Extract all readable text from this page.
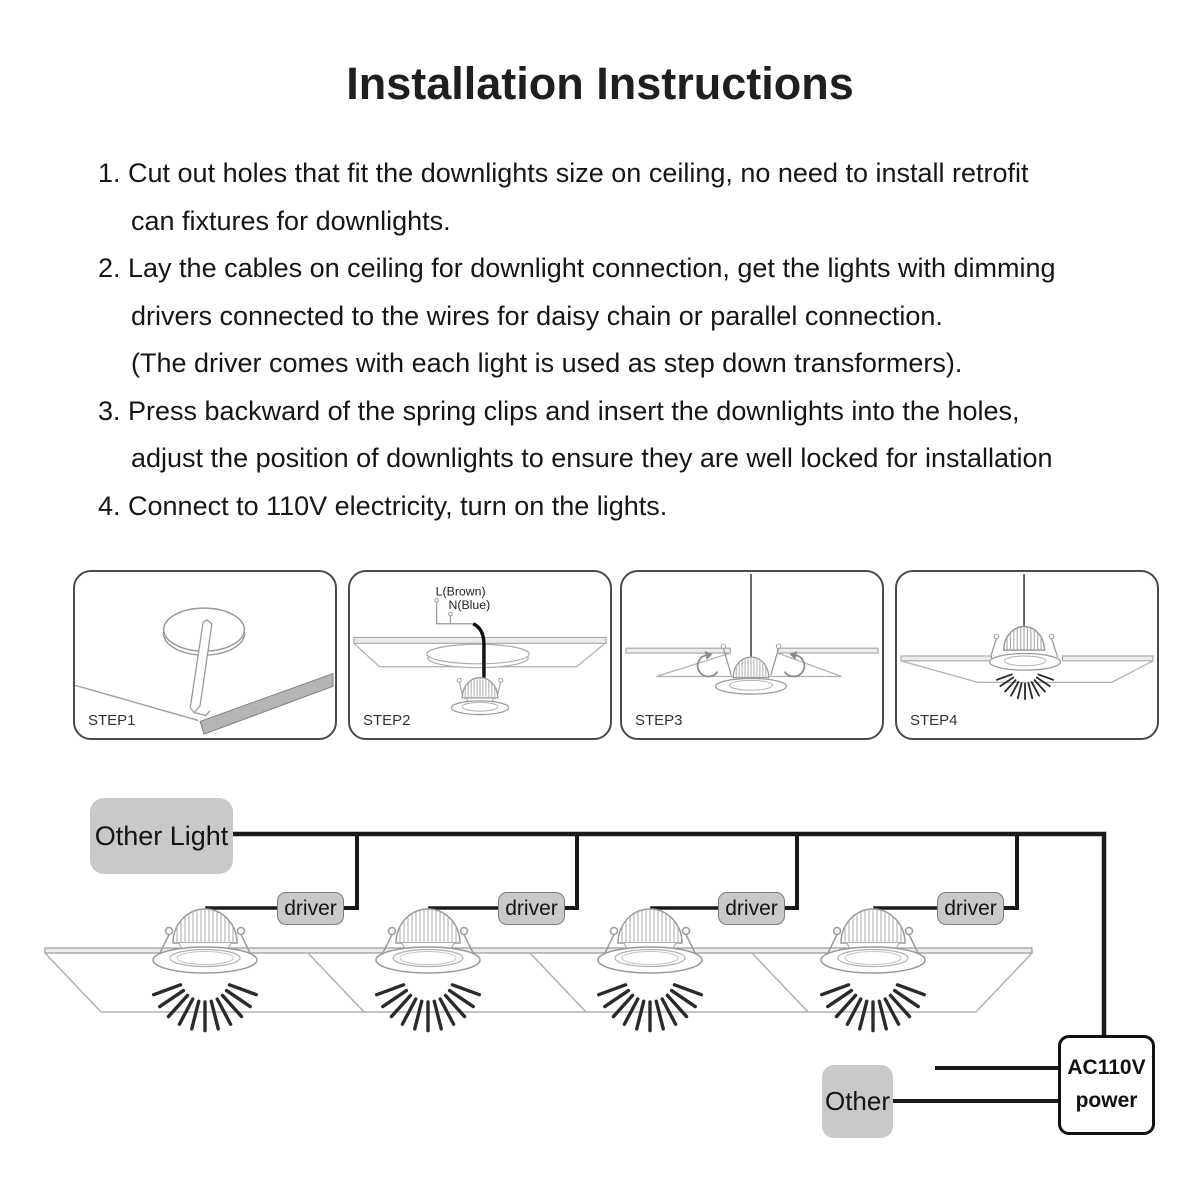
Installation Instructions
1. Cut out holes that fit the downlights size on ceiling, no need to install retrofit
can fixtures for downlights.
2. Lay the cables on ceiling for downlight connection, get the lights with dimming
drivers connected to the wires for daisy chain or parallel connection.
(The driver comes with each light is used as step down transformers).
3. Press backward of the spring clips and insert the downlights into the holes,
adjust the position of downlights to ensure they are well locked for installation
4. Connect to 110V electricity, turn on the lights.
STEP1
L(Brown)
N(Blue)
STEP2	STEP3	STEP4
Other Light
driver	driver	driver	driver
Other
AC110V
power
